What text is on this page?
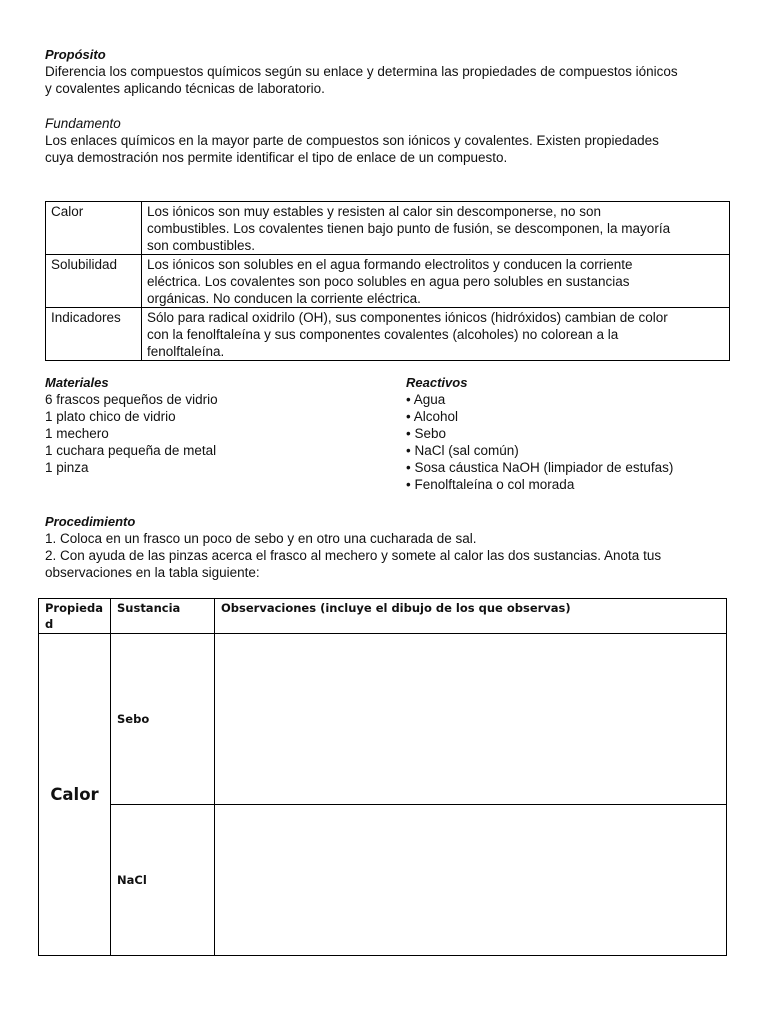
Propósito

Diferencia los compuestos químicos según su enlace y determina las propiedades de compuestos iónicos

y covalentes aplicando técnicas de laboratorio.

Fundamento

Los enlaces químicos en la mayor parte de compuestos son iónicos y covalentes. Existen propiedades

cuya demostración nos permite identificar el tipo de enlace de un compuesto.

Calor	Los iónicos son muy estables y resisten al calor sin descomponerse, no son
combustibles. Los covalentes tienen bajo punto de fusión, se descomponen, la mayoría
son combustibles.

Solubilidad	Los iónicos son solubles en el agua formando electrolitos y conducen la corriente
eléctrica. Los covalentes son poco solubles en agua pero solubles en sustancias
orgánicas. No conducen la corriente eléctrica.

Indicadores	Sólo para radical oxidrilo (OH), sus componentes iónicos (hidróxidos) cambian de color
con la fenolftaleína y sus componentes covalentes (alcoholes) no colorean a la
fenolftaleína.
Materiales
6 frascos pequeños de vidrio
1 plato chico de vidrio
1 mechero
1 cuchara pequeña de metal
1 pinza
Reactivos
• Agua
• Alcohol
• Sebo
• NaCl (sal común)
• Sosa cáustica NaOH (limpiador de estufas)
• Fenolftaleína o col morada
Procedimiento

1. Coloca en un frasco un poco de sebo y en otro una cucharada de sal.

2. Con ayuda de las pinzas acerca el frasco al mechero y somete al calor las dos sustancias. Anota tus

observaciones en la tabla siguiente:

Propieda
d	Sustancia	Observaciones (incluye el dibujo de los que observas)
Calor	Sebo	
	NaCl	
